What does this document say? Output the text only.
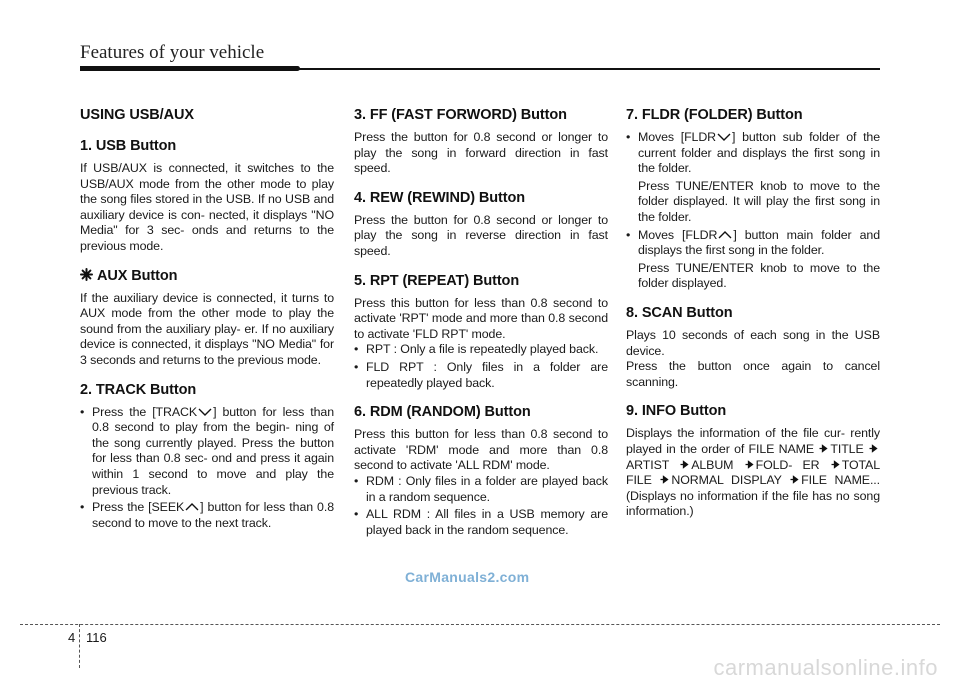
Features of your vehicle
USING USB/AUX
1. USB Button

If USB/AUX is connected, it switches to the USB/AUX mode from the other mode to play the song files stored in the USB. If no USB and auxiliary device is con- nected, it displays "NO Media" for 3 sec- onds and returns to the previous mode.

AUX Button

If the auxiliary device is connected, it turns to AUX mode from the other mode to play the sound from the auxiliary play- er. If no auxiliary device is connected, it displays "NO Media" for 3 seconds and returns to the previous mode.

2. TRACK Button
• Press the [TRACK ] button for less than 0.8 second to play from the begin- ning of the song currently played. Press the button for less than 0.8 sec- ond and press it again within 1 second to move and play the previous track.
• Press the [SEEK ] button for less than 0.8 second to move to the next track.
3. FF (FAST FORWORD) Button

Press the button for 0.8 second or longer to play the song in forward direction in fast speed.

4. REW (REWIND) Button

Press the button for 0.8 second or longer to play the song in reverse direction in fast speed.

5. RPT (REPEAT) Button

Press this button for less than 0.8 second to activate 'RPT' mode and more than 0.8 second to activate 'FLD RPT' mode.

• RPT : Only a file is repeatedly played back.
• FLD RPT : Only files in a folder are repeatedly played back.
6. RDM (RANDOM) Button

Press this button for less than 0.8 second to activate 'RDM' mode and more than 0.8 second to activate 'ALL RDM' mode.

• RDM : Only files in a folder are played back in a random sequence.
• ALL RDM : All files in a USB memory are played back in the random sequence.
7. FLDR (FOLDER) Button
• Moves [FLDR ] button sub folder of the current folder and displays the first song in the folder.
Press TUNE/ENTER knob to move to the folder displayed. It will play the first song in the folder.
• Moves [FLDR ] button main folder and displays the first song in the folder.
Press TUNE/ENTER knob to move to the folder displayed.
8. SCAN Button

Plays 10 seconds of each song in the USB device.

Press the button once again to cancel scanning.

9. INFO Button

Displays the information of the file cur- rently played in the order of FILE NAME TITLE
ARTIST ALBUM FOLD- ER TOTAL FILE NORMAL DISPLAY FILE NAME... (Displays no information if the file has no song information.)

CarManuals2.com
4 116
carmanualsonline.info
